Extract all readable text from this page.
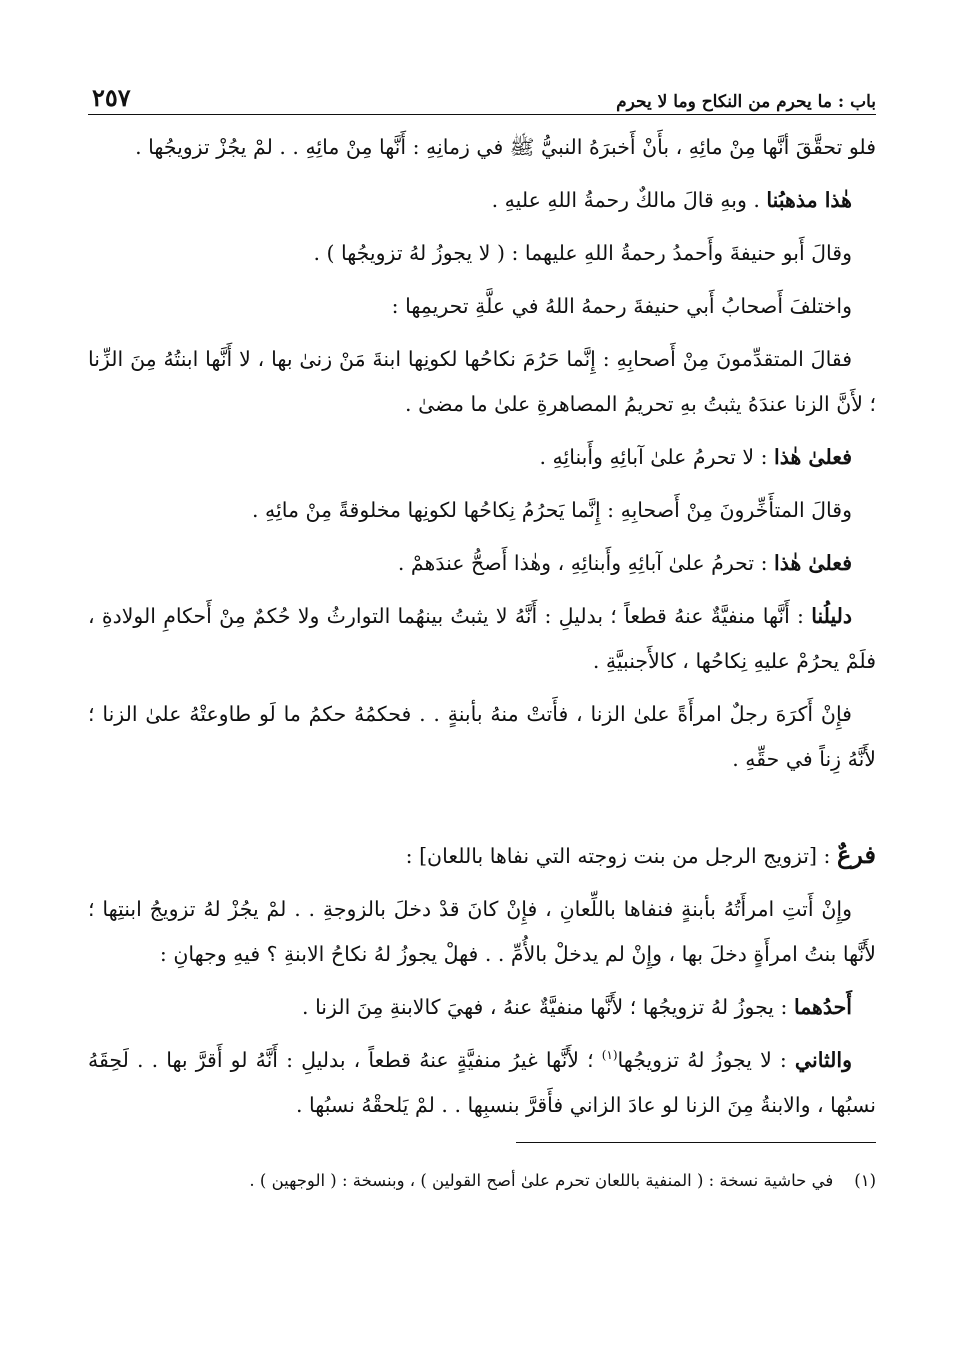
باب : ما يحرم من النكاح وما لا يحرم
٢٥٧

فلو تحقَّقَ أنَّها مِنْ مائِهِ ، بأَنْ أَخبرَهُ النبيُّ ﷺ في زمانِهِ : أَنَّها مِنْ مائِهِ . . لمْ يجُزْ تزويجُها .

هٰذا مذهبُنا . وبهِ قالَ مالكٌ رحمةُ اللهِ عليهِ .

وقالَ أَبو حنيفةَ وأَحمدُ رحمةُ اللهِ عليهما : ( لا يجوزُ لهُ تزويجُها ) .

واختلفَ أَصحابُ أَبي حنيفةَ رحمهُ اللهُ في علَّةِ تحريمِها :

فقالَ المتقدِّمونَ مِنْ أَصحابِهِ : إِنَّما حَرُمَ نكاحُها لكونِها ابنةَ مَنْ زنىٰ بها ، لا أَنَّها ابنتُهُ مِنَ الزِّنا ؛ لأَنَّ الزنا عندَهُ يثبتُ بهِ تحريمُ المصاهرةِ علىٰ ما مضىٰ .

فعلىٰ هٰذا : لا تحرمُ علىٰ آبائِهِ وأَبنائِهِ .

وقالَ المتأَخِّرونَ مِنْ أَصحابِهِ : إِنَّما يَحرُمُ نِكاحُها لكونِها مخلوقةً مِنْ مائِهِ .

فعلىٰ هٰذا : تحرمُ علىٰ آبائِهِ وأَبنائِهِ ، وهٰذا أَصحُّ عندَهمْ .

دليلُنا : أَنَّها منفيَّةٌ عنهُ قطعاً ؛ بدليلِ : أَنَّهُ لا يثبتُ بينهُما التوارثُ ولا حُكمٌ مِنْ أَحكامِ الولادةِ ، فلَمْ يحرُمْ عليهِ نِكاحُها ، كالأَجنبيَّةِ .

فإِنْ أَكرَهَ رجلٌ امرأَةً علىٰ الزنا ، فأَتتْ منهُ بأبنةٍ . . فحكمُهُ حكمُ ما لَو طاوعتْهُ علىٰ الزنا ؛ لأَنَّهُ زِناً في حقِّهِ .

فرعٌ : [تزويج الرجل من بنت زوجته التي نفاها باللعان] :

وإِنْ أَتتِ امرأَتُهُ بأبنةٍ فنفاها باللِّعانِ ، فإِنْ كانَ قدْ دخلَ بالزوجةِ . . لمْ يجُزْ لهُ تزويجُ ابنتِها ؛ لأَنَّها بنتُ امرأَةٍ دخلَ بها ، وإِنْ لم يدخلْ بالأُمِّ . . فهلْ يجوزُ لهُ نكاحُ الابنةِ ؟ فيهِ وجهانِ :

أَحدُهما : يجوزُ لهُ تزويجُها ؛ لأَنَّها منفيَّةٌ عنهُ ، فهيَ كالابنةِ مِنَ الزنا .

والثاني : لا يجوزُ لهُ تزويجُها$^{(١)}$ ؛ لأَنَّها غيرُ منفيَّةٍ عنهُ قطعاً ، بدليلِ : أَنَّهُ لو أَقرَّ بها . . لَحِقَهُ نسبُها ، والابنةُ مِنَ الزنا لو عادَ الزاني فأَقرَّ بنسبِها . . لمْ يَلحقْهُ نسبُها .

(١)    في حاشية نسخة : ( المنفية باللعان تحرم علىٰ أصح القولين ) ، وبنسخة : ( الوجهين ) .
